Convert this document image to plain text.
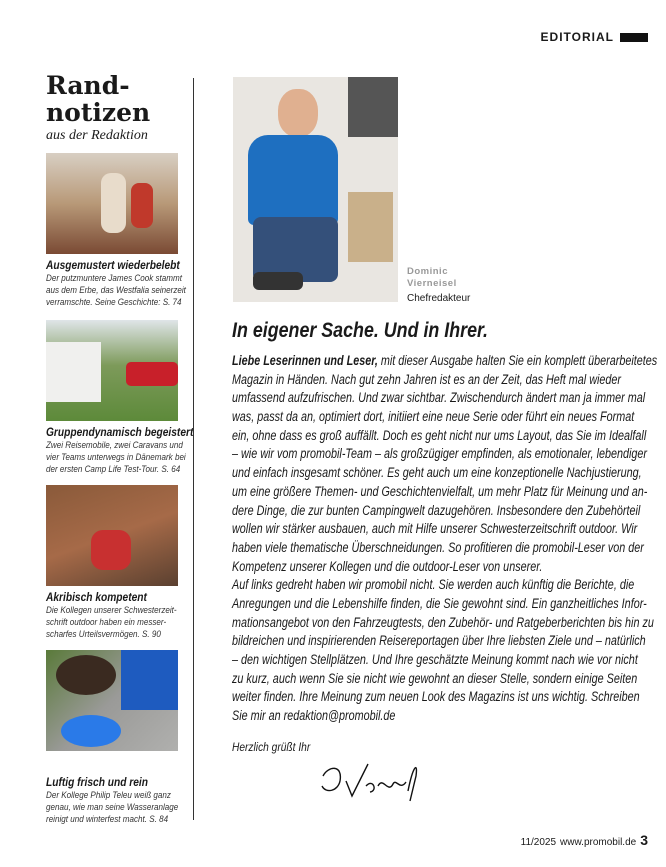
EDITORIAL
Rand-
notizen
aus der Redaktion
Ausgemustert wiederbelebt

Der putzmuntere James Cook stammt

aus dem Erbe, das Westfalia seinerzeit

verramschte. Seine Geschichte: S. 74

Gruppendynamisch begeistert

Zwei Reisemobile, zwei Caravans und

vier Teams unterwegs in Dänemark bei

der ersten Camp Life Test-Tour. S. 64

Akribisch kompetent

Die Kollegen unserer Schwesterzeit-

schrift outdoor haben ein messer-

scharfes Urteilsvermögen. S. 90

Luftig frisch und rein

Der Kollege Philip Teleu weiß ganz

genau, wie man seine Wasseranlage

reinigt und winterfest macht. S. 84

Dominic
Vierneisel
Chefredakteur
In eigener Sache. Und in Ihrer.
Liebe Leserinnen und Leser, mit dieser Ausgabe halten Sie ein komplett überarbeitetes
Magazin in Händen. Nach gut zehn Jahren ist es an der Zeit, das Heft mal wieder
umfassend aufzufrischen. Und zwar sichtbar. Zwischendurch ändert man ja immer mal
was, passt da an, optimiert dort, initiiert eine neue Serie oder führt ein neues Format
ein, ohne dass es groß auffällt. Doch es geht nicht nur ums Layout, das Sie im Idealfall
– wie wir vom promobil-Team – als großzügiger empfinden, als emotionaler, lebendiger
und einfach insgesamt schöner. Es geht auch um eine konzeptionelle Nachjustierung,
um eine größere Themen- und Geschichtenvielfalt, um mehr Platz für Meinung und an-
dere Dinge, die zur bunten Campingwelt dazugehören. Insbesondere den Zubehörteil
wollen wir stärker ausbauen, auch mit Hilfe unserer Schwesterzeitschrift outdoor. Wir
haben viele thematische Überschneidungen. So profitieren die promobil-Leser von der
Kompetenz unserer Kollegen und die outdoor-Leser von unserer.
Auf links gedreht haben wir promobil nicht. Sie werden auch künftig die Berichte, die
Anregungen und die Lebenshilfe finden, die Sie gewohnt sind. Ein ganzheitliches Infor-
mationsangebot von den Fahrzeugtests, den Zubehör- und Ratgeberberichten bis hin zu
bildreichen und inspirierenden Reisereportagen über Ihre liebsten Ziele und – natürlich
– den wichtigen Stellplätzen. Und Ihre geschätzte Meinung kommt nach wie vor nicht
zu kurz, auch wenn Sie sie nicht wie gewohnt an dieser Stelle, sondern einige Seiten
weiter finden. Ihre Meinung zum neuen Look des Magazins ist uns wichtig. Schreiben
Sie mir an redaktion@promobil.de
Herzlich grüßt Ihr
11/2025 www.promobil.de 3
